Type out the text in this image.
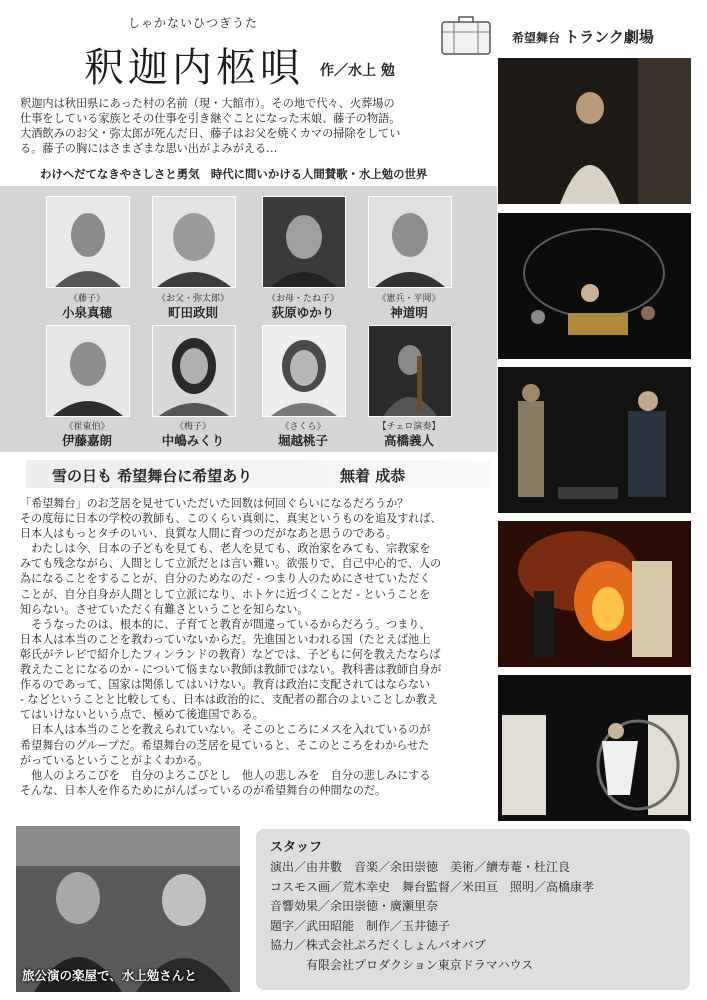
しゃかないひつぎうた
釈迦内柩唄 作／水上 勉
希望舞台 トランク劇場
釈迦内は秋田県にあった村の名前（現・大館市）。その地で代々、火葬場の
仕事をしている家族とその仕事を引き継ぐことになった末娘、藤子の物語。
大酒飲みのお父・弥太郎が死んだ日、藤子はお父を焼くカマの掃除をしてい
る。藤子の胸にはさまざまな思い出がよみがえる…
わけへだてなきやさしさと勇気　時代に問いかける人間賛歌・水上勉の世界
《藤子》
小泉真穂
《お父・弥太郎》
町田政則
《お母・たね子》
荻原ゆかり
《憲兵・平岡》
神道明
《崔東伯》
伊藤嘉朗
《梅子》
中嶋みくり
《さくら》
堀越桃子
【チェロ演奏】
高橋義人
雪の日も 希望舞台に希望あり	無着 成恭

「希望舞台」のお芝居を見せていただいた回数は何回ぐらいになるだろうか？

その度毎に日本の学校の教師も、このくらい真剣に、真実というものを追及すれば、

日本人はもっとタチのいい、良質な人間に育つのだがなあと思うのである。

　わたしは今、日本の子どもを見ても、老人を見ても、政治家をみても、宗教家を

みても残念ながら、人間として立派だとは言い難い。欲張りで、自己中心的で、人の

為になることをすることが、自分のためなのだ - つまり人のためにさせていただく

ことが、自分自身が人間として立派になり、ホトケに近づくことだ - ということを

知らない。させていただく有難さということを知らない。

　そうなったのは、根本的に、子育てと教育が間違っているからだろう。つまり、

日本人は本当のことを教わっていないからだ。先進国といわれる国（たとえば池上

彰氏がテレビで紹介したフィンランドの教育）などでは、子どもに何を教えたならば

教えたことになるのか - について悩まない教師は教師ではない。教科書は教師自身が

作るのであって、国家は関係してはいけない。教育は政治に支配されてはならない

- などということと比較しても、日本は政治的に、支配者の都合のよいことしか教え

てはいけないという点で、極めて後進国である。

　日本人は本当のことを教えられていない。そこのところにメスを入れているのが

希望舞台のグループだ。希望舞台の芝居を見ていると、そこのところをわからせた

がっているということがよくわかる。

　他人のよろこびを　自分のよろこびとし　他人の悲しみを　自分の悲しみにする

そんな、日本人を作るためにがんばっているのが希望舞台の仲間なのだ。

旅公演の楽屋で、水上勉さんと
スタッフ
演出／由井數　音楽／余田崇徳　美術／續寿菴・杜江良
コスモス画／荒木幸史　舞台監督／米田亘　照明／高橋康孝
音響効果／余田崇徳・廣瀬里奈
題字／武田昭能　制作／玉井徳子
協力／株式会社ぷろだくしょんバオバブ
　　　有限会社プロダクション東京ドラマハウス
